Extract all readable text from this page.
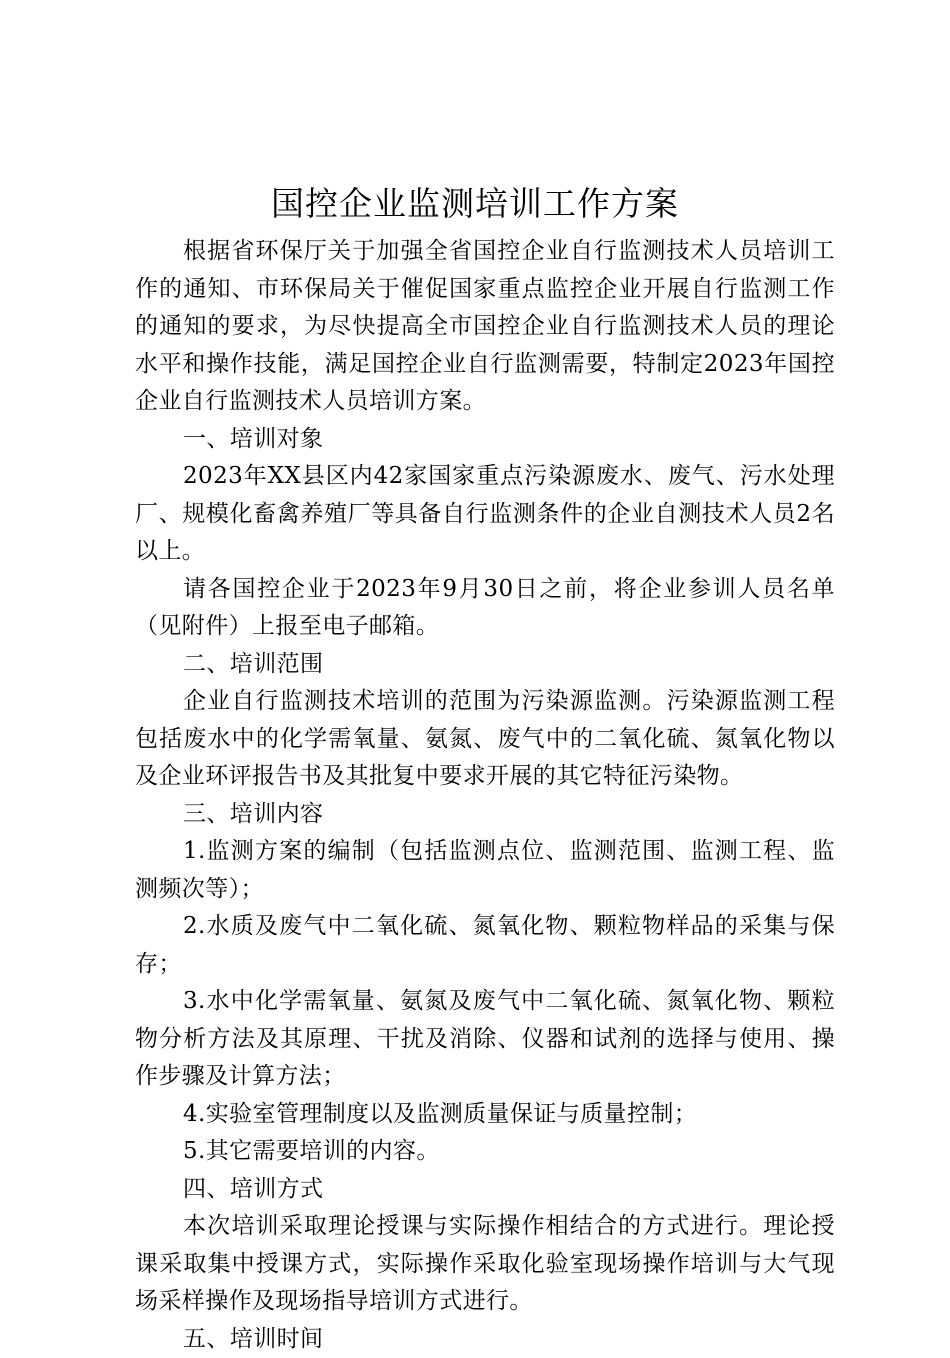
国控企业监测培训工作方案

根据省环保厅关于加强全省国控企业自行监测技术人员培训工作的通知、市环保局关于催促国家重点监控企业开展自行监测工作的通知的要求，为尽快提高全市国控企业自行监测技术人员的理论水平和操作技能，满足国控企业自行监测需要，特制定2023年国控企业自行监测技术人员培训方案。

一、培训对象

2023年XX县区内42家国家重点污染源废水、废气、污水处理厂、规模化畜禽养殖厂等具备自行监测条件的企业自测技术人员2名以上。

请各国控企业于2023年9月30日之前，将企业参训人员名单（见附件）上报至电子邮箱。

二、培训范围

企业自行监测技术培训的范围为污染源监测。污染源监测工程包括废水中的化学需氧量、氨氮、废气中的二氧化硫、氮氧化物以及企业环评报告书及其批复中要求开展的其它特征污染物。

三、培训内容

1.监测方案的编制（包括监测点位、监测范围、监测工程、监测频次等）；

2.水质及废气中二氧化硫、氮氧化物、颗粒物样品的采集与保存；

3.水中化学需氧量、氨氮及废气中二氧化硫、氮氧化物、颗粒物分析方法及其原理、干扰及消除、仪器和试剂的选择与使用、操作步骤及计算方法；

4.实验室管理制度以及监测质量保证与质量控制；

5.其它需要培训的内容。

四、培训方式

本次培训采取理论授课与实际操作相结合的方式进行。理论授课采取集中授课方式，实际操作采取化验室现场操作培训与大气现场采样操作及现场指导培训方式进行。

五、培训时间
